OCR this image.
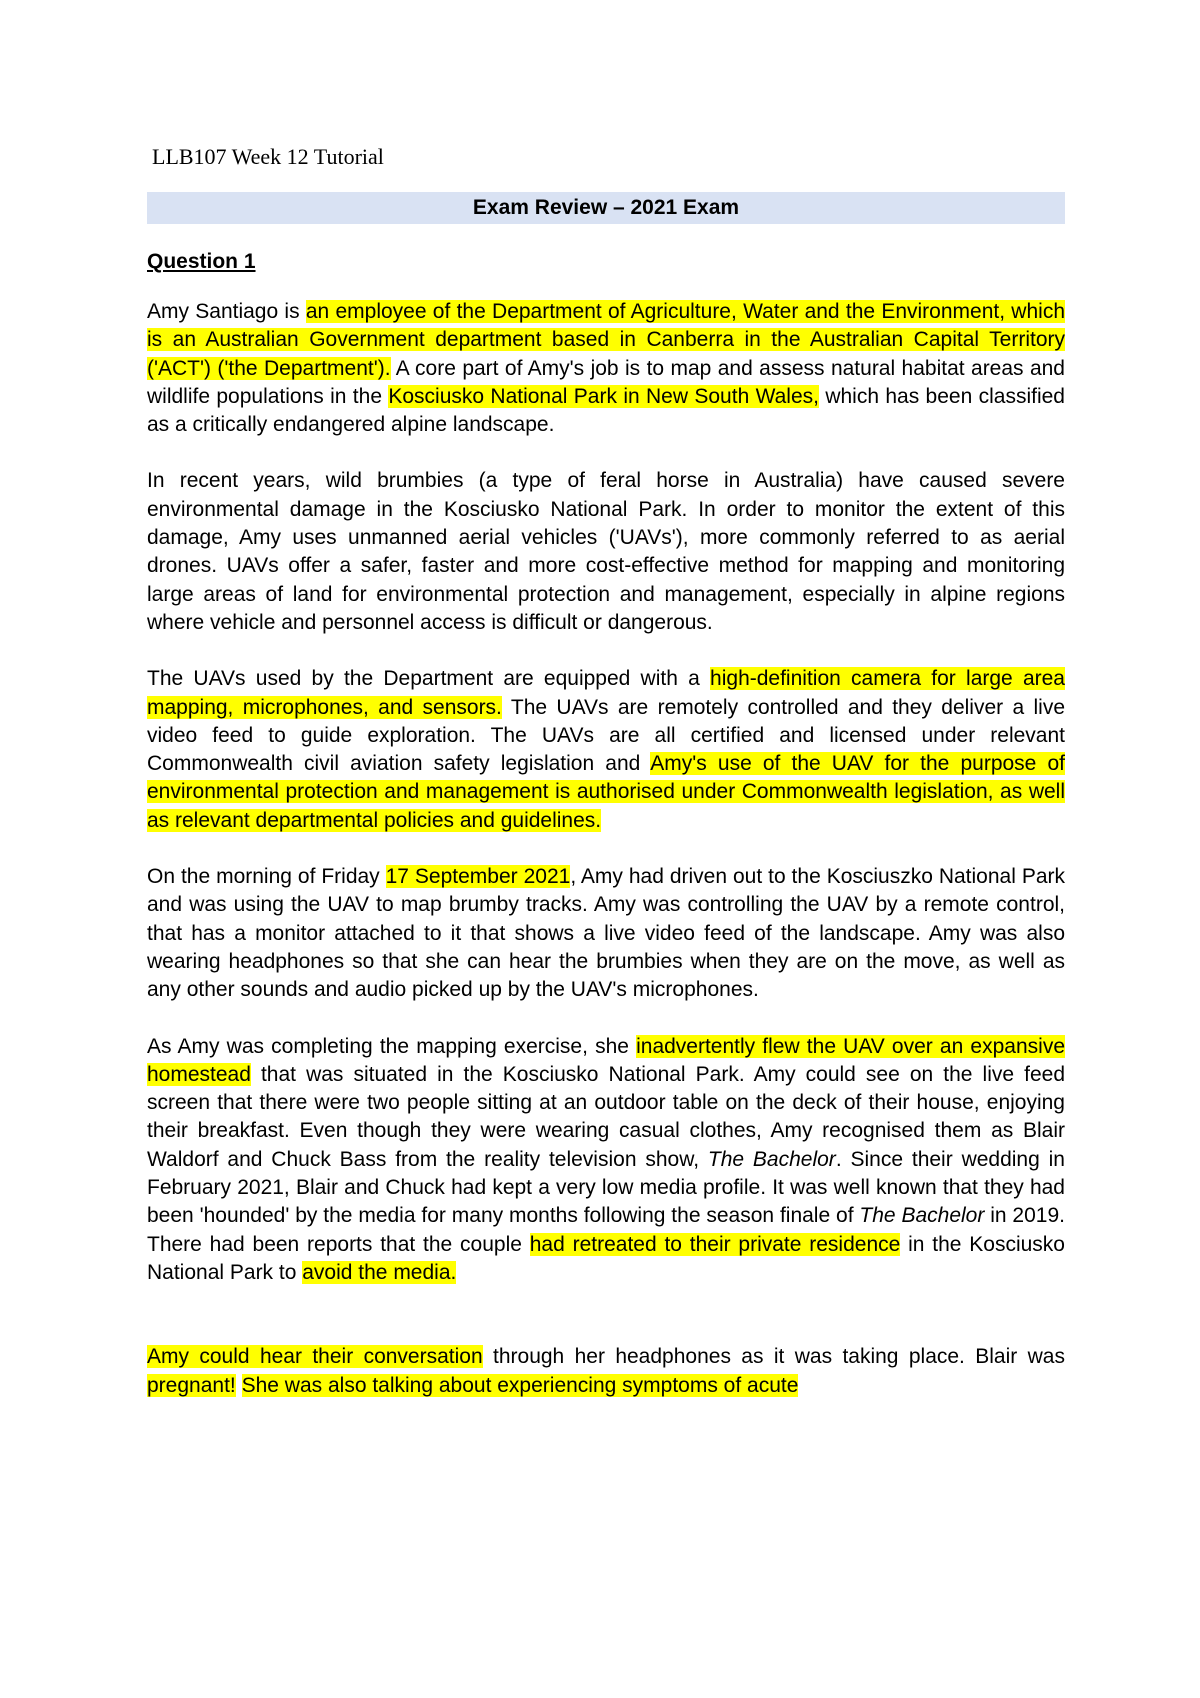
LLB107 Week 12 Tutorial
Exam Review – 2021 Exam
Question 1

Amy Santiago is an employee of the Department of Agriculture, Water and the Environment, which is an Australian Government department based in Canberra in the Australian Capital Territory ('ACT') ('the Department'). A core part of Amy's job is to map and assess natural habitat areas and wildlife populations in the Kosciusko National Park in New South Wales, which has been classified as a critically endangered alpine landscape.

In recent years, wild brumbies (a type of feral horse in Australia) have caused severe environmental damage in the Kosciusko National Park. In order to monitor the extent of this damage, Amy uses unmanned aerial vehicles ('UAVs'), more commonly referred to as aerial drones. UAVs offer a safer, faster and more cost-effective method for mapping and monitoring large areas of land for environmental protection and management, especially in alpine regions where vehicle and personnel access is difficult or dangerous.

The UAVs used by the Department are equipped with a high-definition camera for large area mapping, microphones, and sensors. The UAVs are remotely controlled and they deliver a live video feed to guide exploration. The UAVs are all certified and licensed under relevant Commonwealth civil aviation safety legislation and Amy's use of the UAV for the purpose of environmental protection and management is authorised under Commonwealth legislation, as well as relevant departmental policies and guidelines.

On the morning of Friday 17 September 2021, Amy had driven out to the Kosciuszko National Park and was using the UAV to map brumby tracks. Amy was controlling the UAV by a remote control, that has a monitor attached to it that shows a live video feed of the landscape. Amy was also wearing headphones so that she can hear the brumbies when they are on the move, as well as any other sounds and audio picked up by the UAV's microphones.

As Amy was completing the mapping exercise, she inadvertently flew the UAV over an expansive homestead that was situated in the Kosciusko National Park. Amy could see on the live feed screen that there were two people sitting at an outdoor table on the deck of their house, enjoying their breakfast. Even though they were wearing casual clothes, Amy recognised them as Blair Waldorf and Chuck Bass from the reality television show, The Bachelor. Since their wedding in February 2021, Blair and Chuck had kept a very low media profile. It was well known that they had been 'hounded' by the media for many months following the season finale of The Bachelor in 2019. There had been reports that the couple had retreated to their private residence in the Kosciusko National Park to avoid the media.

Amy could hear their conversation through her headphones as it was taking place. Blair was pregnant! She was also talking about experiencing symptoms of acute
